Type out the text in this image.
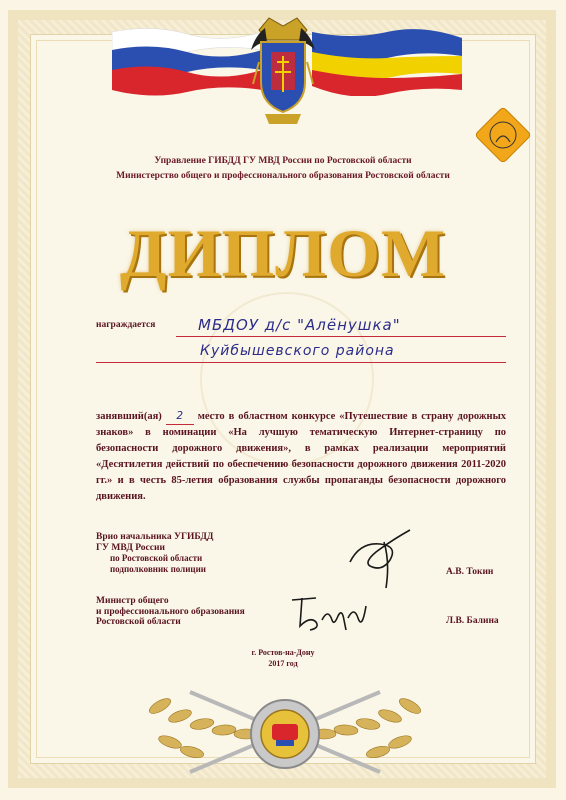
Управление ГИБДД ГУ МВД России по Ростовской области
Министерство общего и профессионального образования Ростовской области
ДИПЛОМ
награждается	МБДОУ д/с "Алёнушка"
Куйбышевского района
занявший(ая) 2 место в областном конкурсе «Путешествие в страну дорожных знаков» в номинации «На лучшую тематическую Интернет-страницу по безопасности дорожного движения», в рамках реализации мероприятий «Десятилетия действий по обеспечению безопасности дорожного движения 2011-2020 гг.» и в честь 85-летия образования службы пропаганды безопасности дорожного движения.
Врио начальника УГИБДД
ГУ МВД России
по Ростовской области
подполковник полиции	А.В. Токин
Министр общего
и профессионального образования
Ростовской области	Л.В. Балина
г. Ростов-на-Дону
2017 год
